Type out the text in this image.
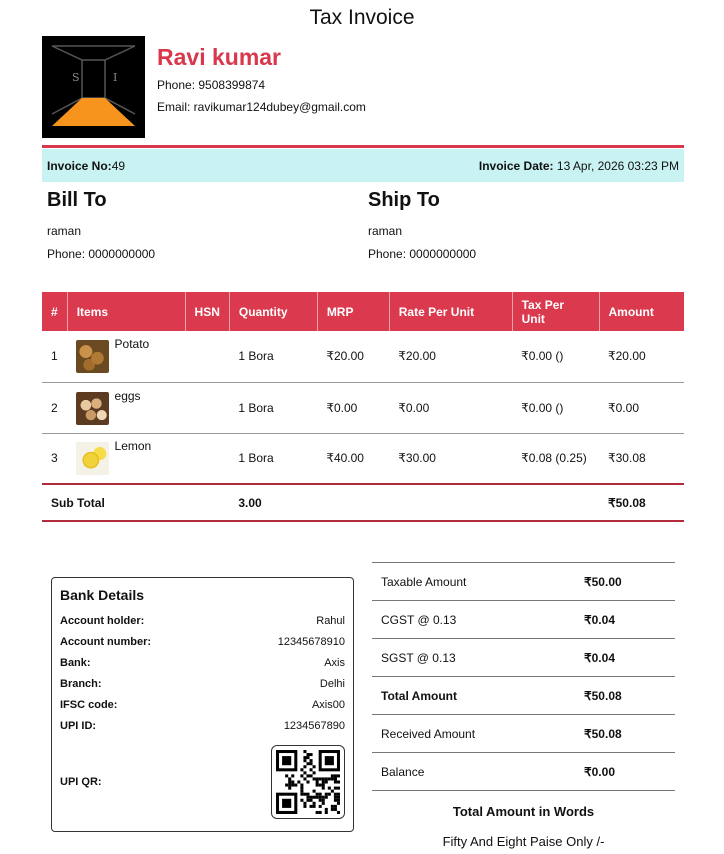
Tax Invoice
S	I
Ravi kumar
Phone: 9508399874
Email: ravikumar124dubey@gmail.com
Invoice No:49	Invoice Date: 13 Apr, 2026 03:23 PM
Bill To
raman
Phone: 0000000000
Ship To
raman
Phone: 0000000000
#	Items	HSN	Quantity	MRP	Rate Per Unit	Tax Per Unit	Amount
1	Potato		1 Bora	₹20.00	₹20.00	₹0.00 ()	₹20.00
2	eggs		1 Bora	₹0.00	₹0.00	₹0.00 ()	₹0.00
3	Lemon		1 Bora	₹40.00	₹30.00	₹0.08 (0.25)	₹30.08
Sub Total			3.00				₹50.08
Bank Details
Account holder:	Rahul
Account number:	12345678910
Bank:	Axis
Branch:	Delhi
IFSC code:	Axis00
UPI ID:	1234567890
UPI QR:
Taxable Amount	₹50.00
CGST @ 0.13	₹0.04
SGST @ 0.13	₹0.04
Total Amount	₹50.08
Received Amount	₹50.08
Balance	₹0.00
Total Amount in Words
Fifty And Eight Paise Only /-
